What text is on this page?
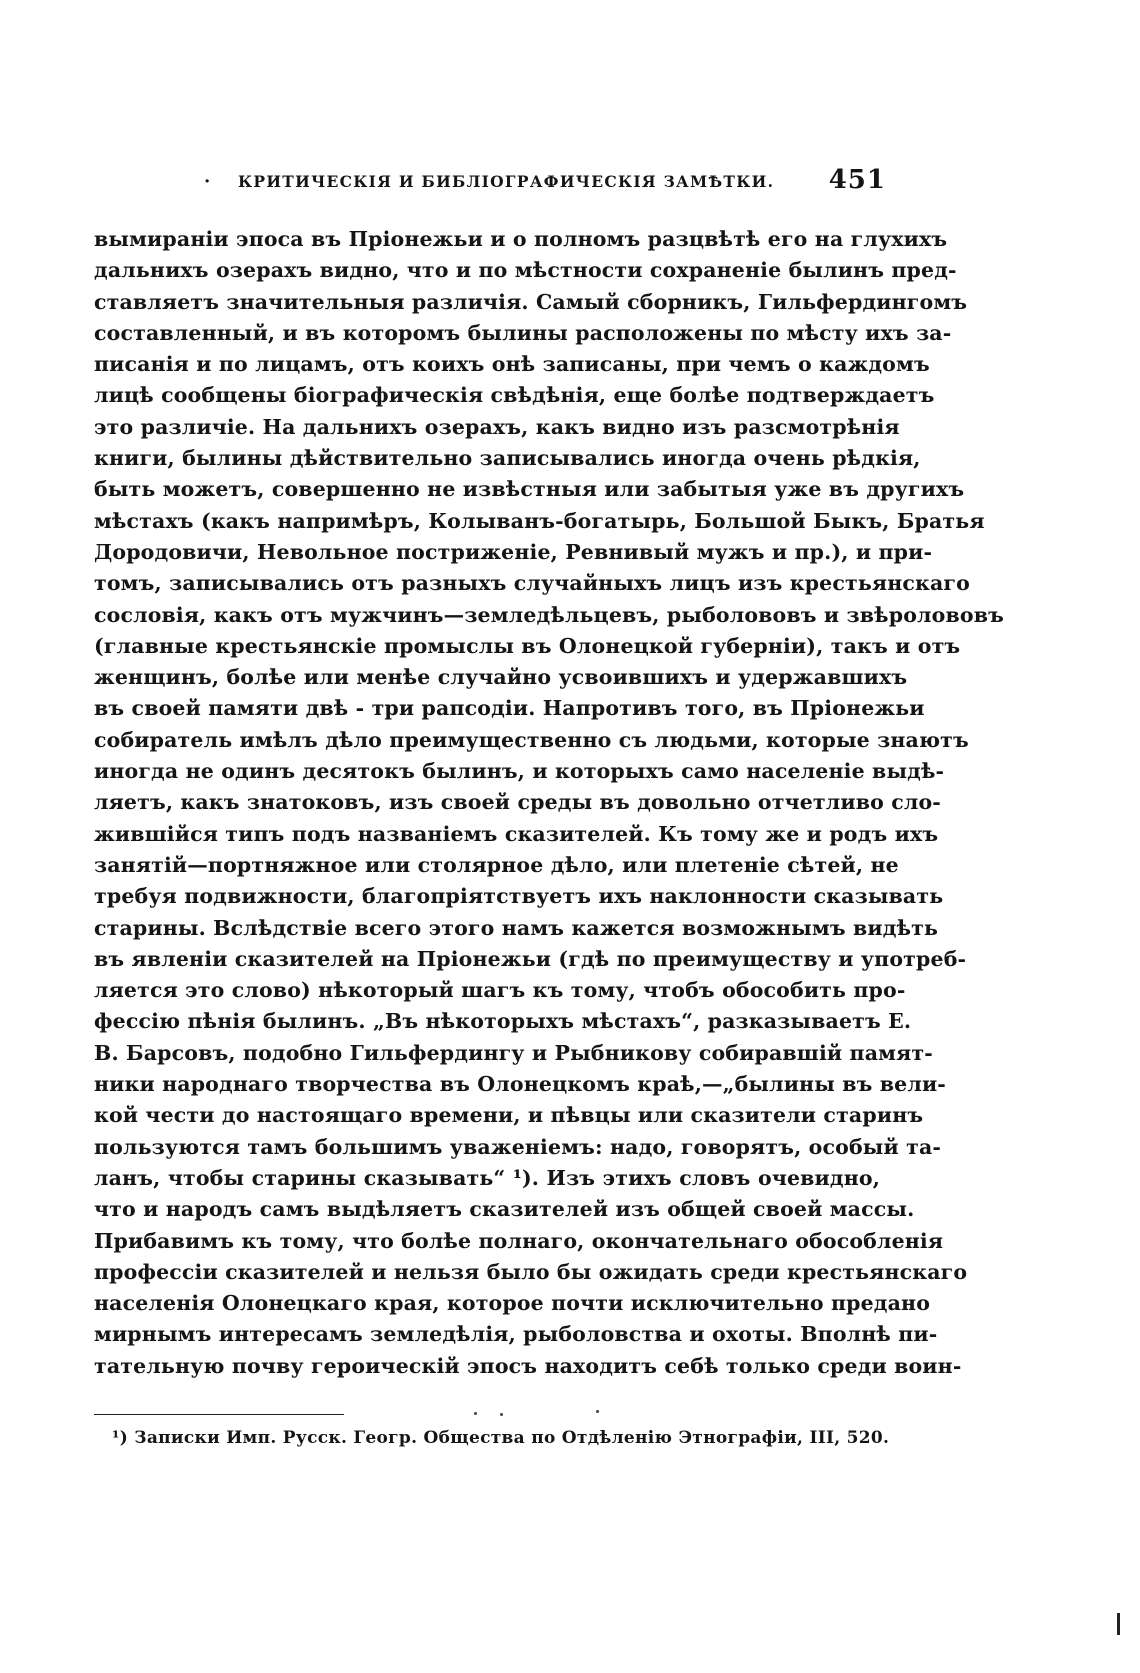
· КРИТИЧЕСКІЯ И БИБЛІОГРАФИЧЕСКІЯ ЗАМѢТКИ. 451
вымираніи эпоса въ Пріонежьи и о полномъ разцвѣтѣ его на глухихъ
дальнихъ озерахъ видно, что и по мѣстности сохраненіе былинъ пред-
ставляетъ значительныя различія. Самый сборникъ, Гильфердингомъ
составленный, и въ которомъ былины расположены по мѣсту ихъ за-
писанія и по лицамъ, отъ коихъ онѣ записаны, при чемъ о каждомъ
лицѣ сообщены біографическія свѣдѣнія, еще болѣе подтверждаетъ
это различіе. На дальнихъ озерахъ, какъ видно изъ разсмотрѣнія
книги, былины дѣйствительно записывались иногда очень рѣдкія,
быть можетъ, совершенно не извѣстныя или забытыя уже въ другихъ
мѣстахъ (какъ напримѣръ, Колыванъ-богатырь, Большой Быкъ, Братья
Дородовичи, Невольное постриженіе, Ревнивый мужъ и пр.), и при-
томъ, записывались отъ разныхъ случайныхъ лицъ изъ крестьянскаго
сословія, какъ отъ мужчинъ—земледѣльцевъ, рыболововъ и звѣролововъ
(главные крестьянскіе промыслы въ Олонецкой губерніи), такъ и отъ
женщинъ, болѣе или менѣе случайно усвоившихъ и удержавшихъ
въ своей памяти двѣ - три рапсодіи. Напротивъ того, въ Пріонежьи
собиратель имѣлъ дѣло преимущественно съ людьми, которые знаютъ
иногда не одинъ десятокъ былинъ, и которыхъ само населеніе выдѣ-
ляетъ, какъ знатоковъ, изъ своей среды въ довольно отчетливо сло-
жившійся типъ подъ названіемъ сказителей. Къ тому же и родъ ихъ
занятій—портняжное или столярное дѣло, или плетеніе сѣтей, не
требуя подвижности, благопріятствуетъ ихъ наклонности сказывать
старины. Вслѣдствіе всего этого намъ кажется возможнымъ видѣть
въ явленіи сказителей на Пріонежьи (гдѣ по преимуществу и употреб-
ляется это слово) нѣкоторый шагъ къ тому, чтобъ обособить про-
фессію пѣнія былинъ. „Въ нѣкоторыхъ мѣстахъ“, разказываетъ Е.
В. Барсовъ, подобно Гильфердингу и Рыбникову собиравшій памят-
ники народнаго творчества въ Олонецкомъ краѣ,—„былины въ вели-
кой чести до настоящаго времени, и пѣвцы или сказители старинъ
пользуются тамъ большимъ уваженіемъ: надо, говорятъ, особый та-
ланъ, чтобы старины сказывать“ ¹). Изъ этихъ словъ очевидно,
что и народъ самъ выдѣляетъ сказителей изъ общей своей массы.
Прибавимъ къ тому, что болѣе полнаго, окончательнаго обособленія
профессіи сказителей и нельзя было бы ожидать среди крестьянскаго
населенія Олонецкаго края, которое почти исключительно предано
мирнымъ интересамъ земледѣлія, рыболовства и охоты. Вполнѣ пи-
тательную почву героическій эпосъ находитъ себѣ только среди воин-
¹) Записки Имп. Русск. Геогр. Общества по Отдѣленію Этнографіи, III, 520.
